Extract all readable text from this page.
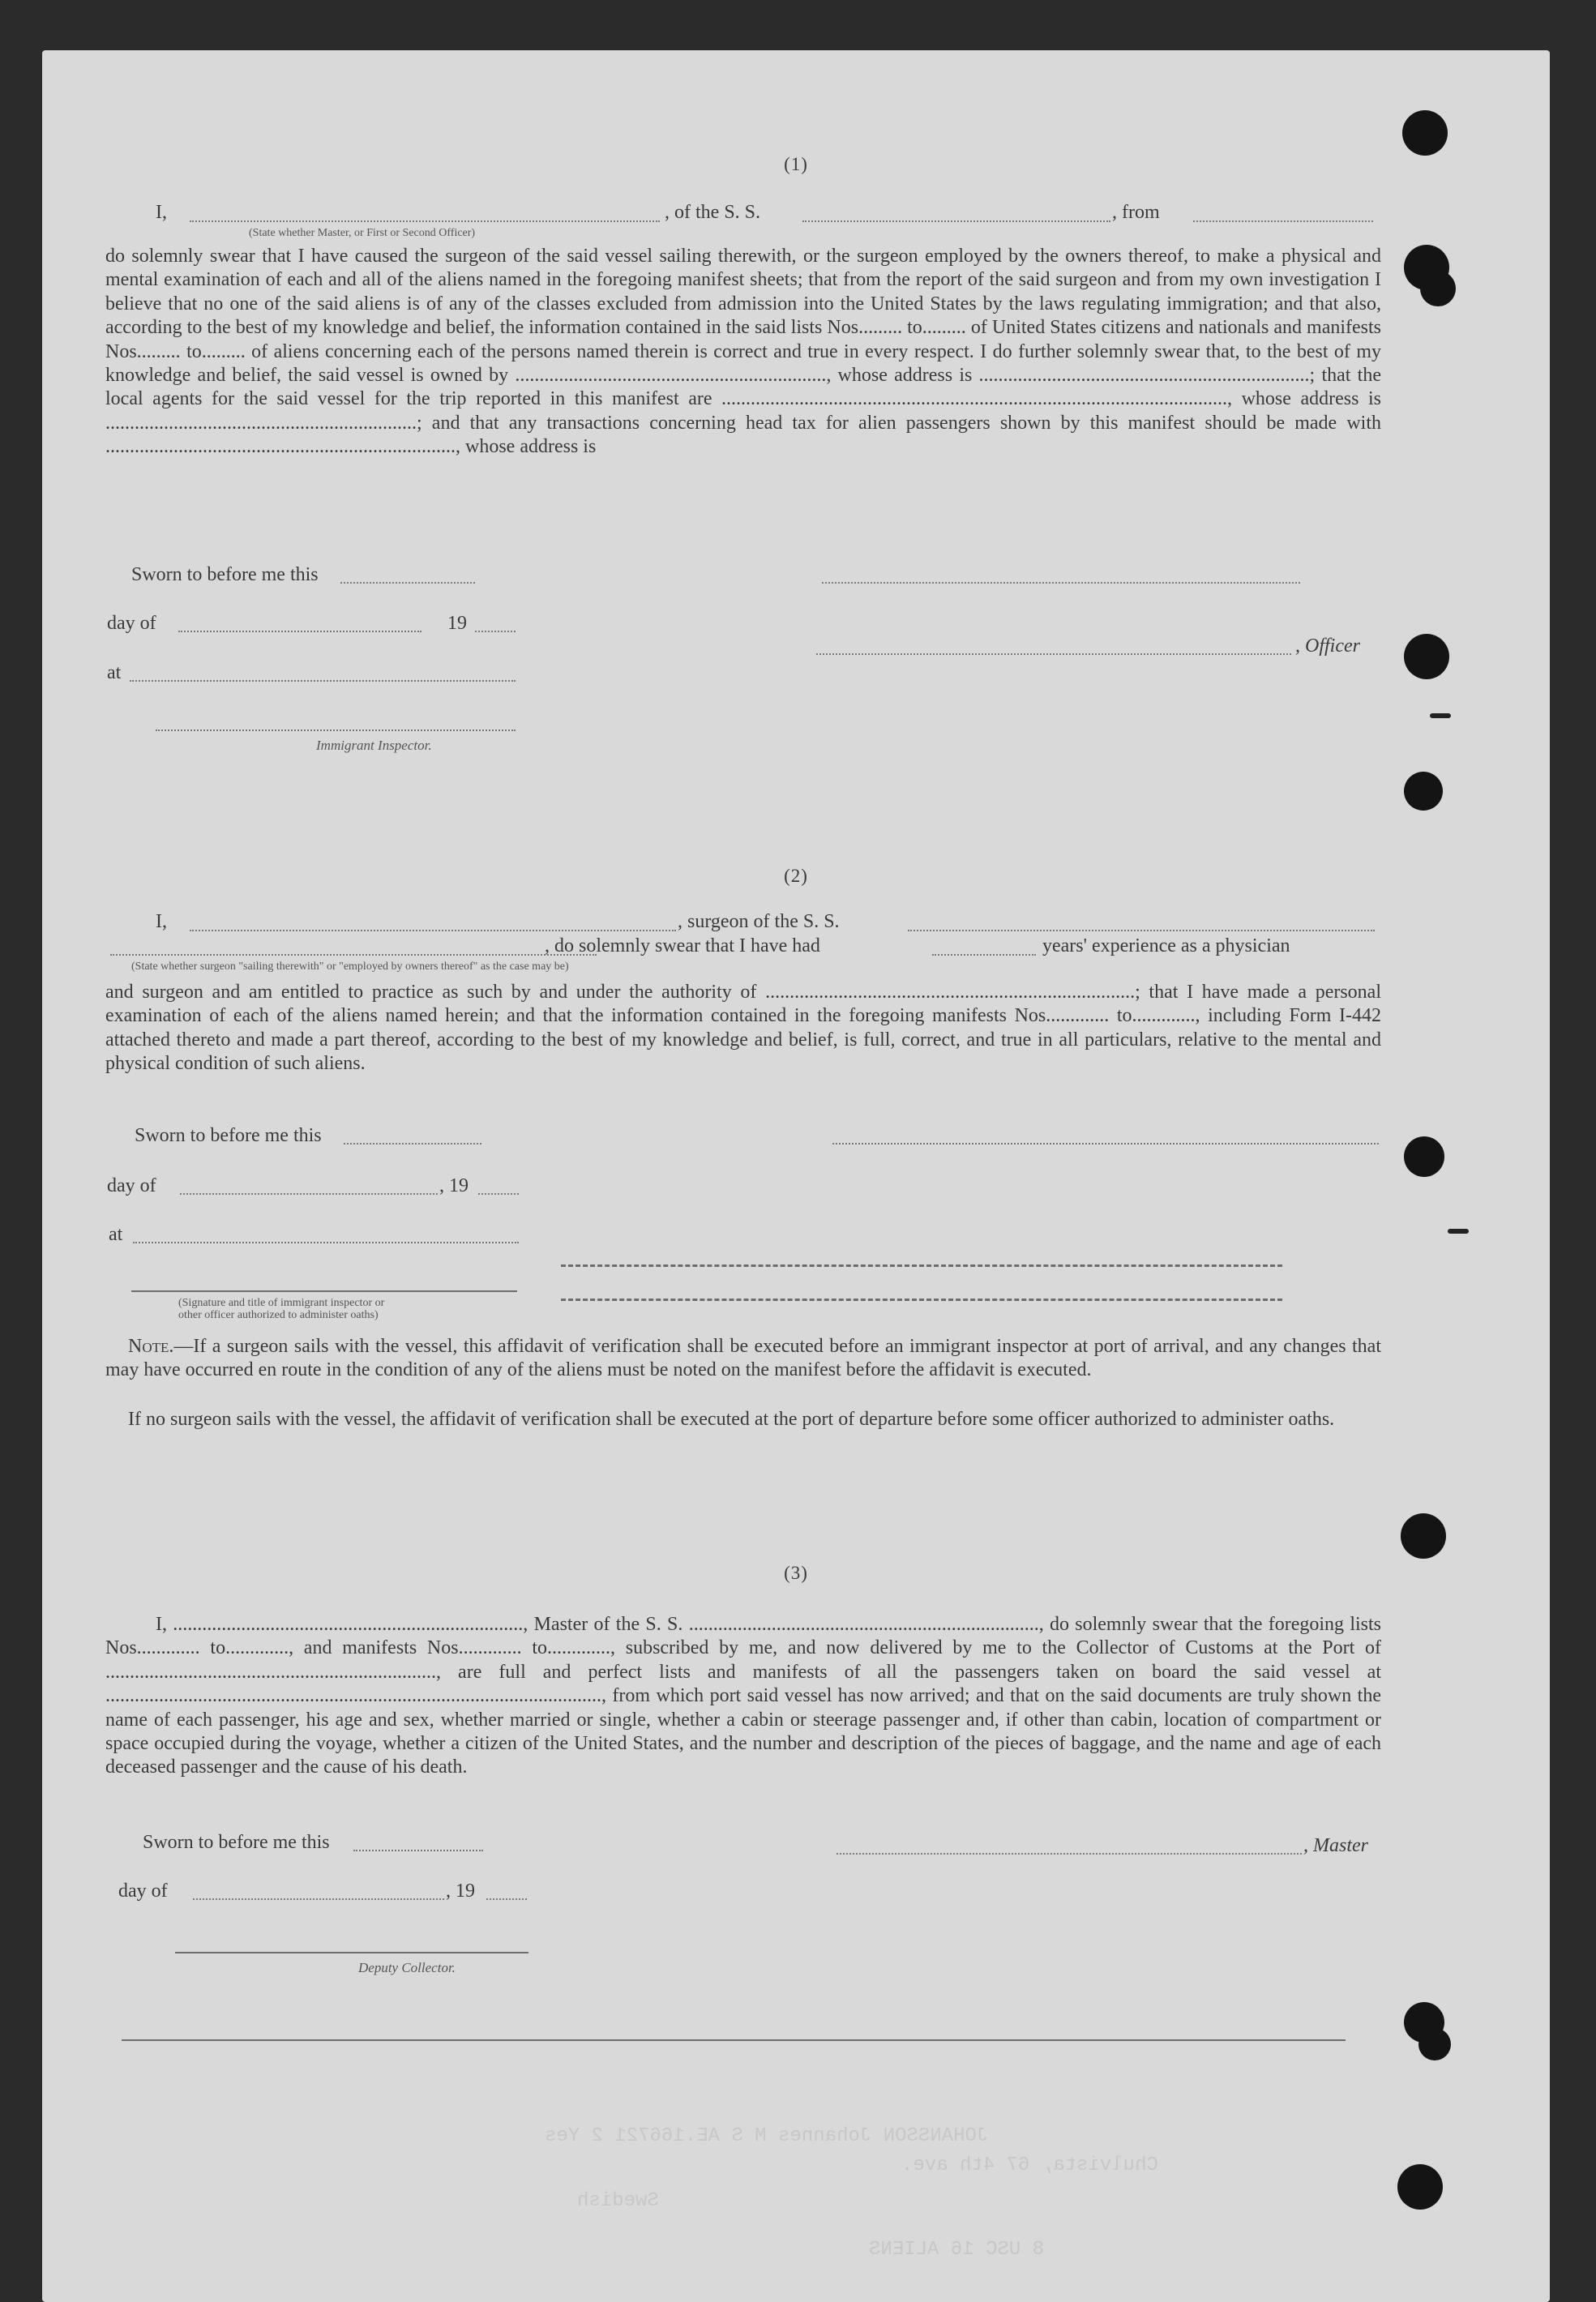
JOHANSSON Johannes M S AE.166721 2 Yes
Chulvista, 67 4th ave.
Swedish
8 USC 16 ALIENS
(1)
I,	, of the S. S.	, from
(State whether Master, or First or Second Officer)
do solemnly swear that I have caused the surgeon of the said vessel sailing therewith, or the surgeon employed by the owners thereof, to make a physical and mental examination of each and all of the aliens named in the foregoing manifest sheets; that from the report of the said surgeon and from my own investigation I believe that no one of the said aliens is of any of the classes excluded from admission into the United States by the laws regulating immigration; and that also, according to the best of my knowledge and belief, the information contained in the said lists Nos......... to......... of United States citizens and nationals and manifests Nos......... to......... of aliens concerning each of the persons named therein is correct and true in every respect. I do further solemnly swear that, to the best of my knowledge and belief, the said vessel is owned by ................................................................, whose address is ....................................................................; that the local agents for the said vessel for the trip reported in this manifest are ........................................................................................................, whose address is ................................................................; and that any transactions concerning head tax for alien passengers shown by this manifest should be made with ........................................................................, whose address is
Sworn to before me this
day of	19
, Officer
at
Immigrant Inspector.
(2)
I,	, surgeon of the S. S.
, do solemnly swear that I have had	years' experience as a physician
(State whether surgeon "sailing therewith" or "employed by owners thereof" as the case may be)
and surgeon and am entitled to practice as such by and under the authority of ............................................................................; that I have made a personal examination of each of the aliens named herein; and that the information contained in the foregoing manifests Nos............. to............., including Form I-442 attached thereto and made a part thereof, according to the best of my knowledge and belief, is full, correct, and true in all particulars, relative to the mental and physical condition of such aliens.
Sworn to before me this
day of	, 19
at
(Signature and title of immigrant inspector or
other officer authorized to administer oaths)
Note.—If a surgeon sails with the vessel, this affidavit of verification shall be executed before an immigrant inspector at port of arrival, and any changes that may have occurred en route in the condition of any of the aliens must be noted on the manifest before the affidavit is executed.
If no surgeon sails with the vessel, the affidavit of verification shall be executed at the port of departure before some officer authorized to administer oaths.
(3)
I, ........................................................................, Master of the S. S. ........................................................................, do solemnly swear that the foregoing lists Nos............. to............., and manifests Nos............. to............., subscribed by me, and now delivered by me to the Collector of Customs at the Port of ...................................................................., are full and perfect lists and manifests of all the passengers taken on board the said vessel at ......................................................................................................, from which port said vessel has now arrived; and that on the said documents are truly shown the name of each passenger, his age and sex, whether married or single, whether a cabin or steerage passenger and, if other than cabin, location of compartment or space occupied during the voyage, whether a citizen of the United States, and the number and description of the pieces of baggage, and the name and age of each deceased passenger and the cause of his death.
Sworn to before me this	, Master
day of	, 19
Deputy Collector.
